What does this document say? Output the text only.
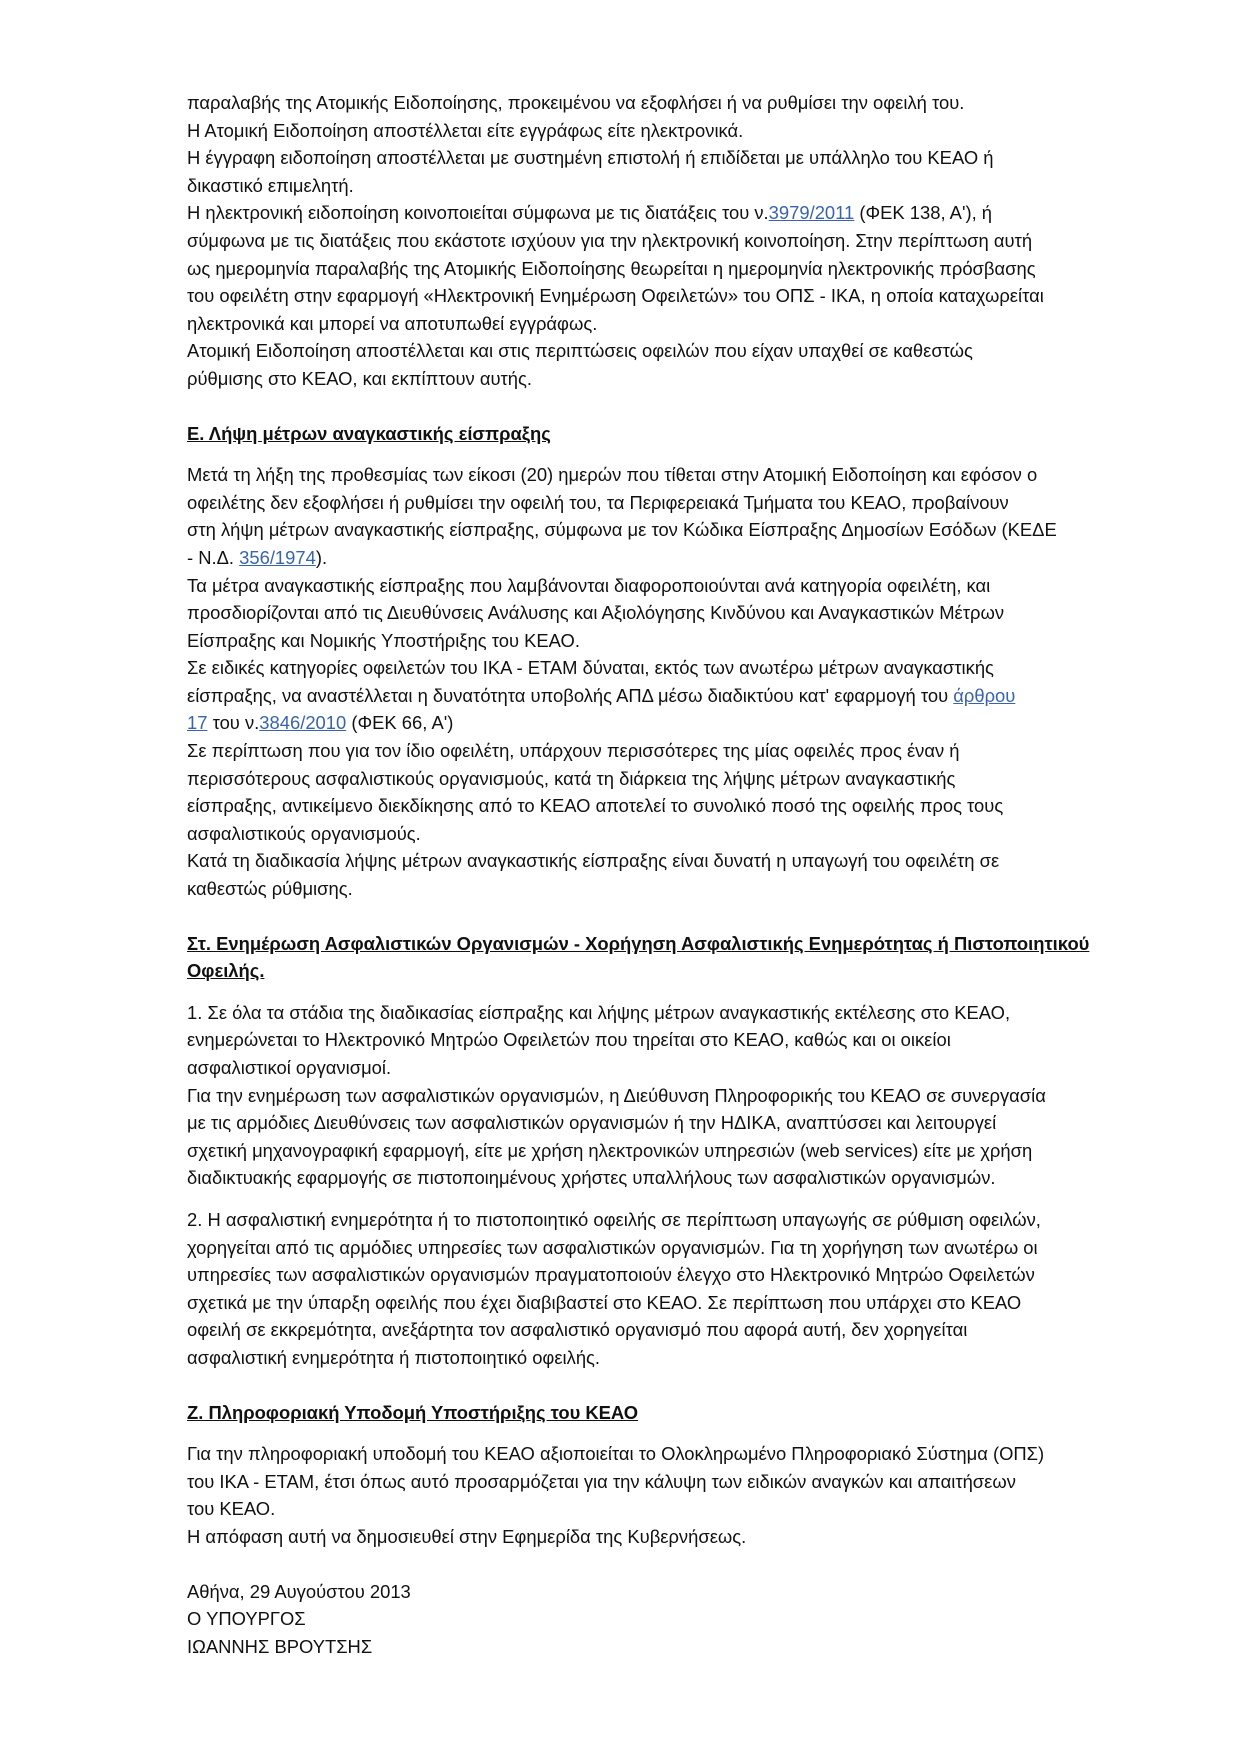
παραλαβής της Ατομικής Ειδοποίησης, προκειμένου να εξοφλήσει ή να ρυθμίσει την οφειλή του.
Η Ατομική Ειδοποίηση αποστέλλεται είτε εγγράφως είτε ηλεκτρονικά.
Η έγγραφη ειδοποίηση αποστέλλεται με συστημένη επιστολή ή επιδίδεται με υπάλληλο του ΚΕΑΟ ή
δικαστικό επιμελητή.
Η ηλεκτρονική ειδοποίηση κοινοποιείται σύμφωνα με τις διατάξεις του ν.3979/2011 (ΦΕΚ 138, Α'), ή
σύμφωνα με τις διατάξεις που εκάστοτε ισχύουν για την ηλεκτρονική κοινοποίηση. Στην περίπτωση αυτή
ως ημερομηνία παραλαβής της Ατομικής Ειδοποίησης θεωρείται η ημερομηνία ηλεκτρονικής πρόσβασης
του οφειλέτη στην εφαρμογή «Ηλεκτρονική Ενημέρωση Οφειλετών» του ΟΠΣ - ΙΚΑ, η οποία καταχωρείται
ηλεκτρονικά και μπορεί να αποτυπωθεί εγγράφως.
Ατομική Ειδοποίηση αποστέλλεται και στις περιπτώσεις οφειλών που είχαν υπαχθεί σε καθεστώς
ρύθμισης στο ΚΕΑΟ, και εκπίπτουν αυτής.
Ε. Λήψη μέτρων αναγκαστικής είσπραξης
Μετά τη λήξη της προθεσμίας των είκοσι (20) ημερών που τίθεται στην Ατομική Ειδοποίηση και εφόσον ο
οφειλέτης δεν εξοφλήσει ή ρυθμίσει την οφειλή του, τα Περιφερειακά Τμήματα του ΚΕΑΟ, προβαίνουν
στη λήψη μέτρων αναγκαστικής είσπραξης, σύμφωνα με τον Κώδικα Είσπραξης Δημοσίων Εσόδων (ΚΕΔΕ
- Ν.Δ. 356/1974).
Τα μέτρα αναγκαστικής είσπραξης που λαμβάνονται διαφοροποιούνται ανά κατηγορία οφειλέτη, και
προσδιορίζονται από τις Διευθύνσεις Ανάλυσης και Αξιολόγησης Κινδύνου και Αναγκαστικών Μέτρων
Είσπραξης και Νομικής Υποστήριξης του ΚΕΑΟ.
Σε ειδικές κατηγορίες οφειλετών του ΙΚΑ - ΕΤΑΜ δύναται, εκτός των ανωτέρω μέτρων αναγκαστικής
είσπραξης, να αναστέλλεται η δυνατότητα υποβολής ΑΠΔ μέσω διαδικτύου κατ' εφαρμογή του άρθρου
17 του ν.3846/2010 (ΦΕΚ 66, Α')
Σε περίπτωση που για τον ίδιο οφειλέτη, υπάρχουν περισσότερες της μίας οφειλές προς έναν ή
περισσότερους ασφαλιστικούς οργανισμούς, κατά τη διάρκεια της λήψης μέτρων αναγκαστικής
είσπραξης, αντικείμενο διεκδίκησης από το ΚΕΑΟ αποτελεί το συνολικό ποσό της οφειλής προς τους
ασφαλιστικούς οργανισμούς.
Κατά τη διαδικασία λήψης μέτρων αναγκαστικής είσπραξης είναι δυνατή η υπαγωγή του οφειλέτη σε
καθεστώς ρύθμισης.
Στ. Ενημέρωση Ασφαλιστικών Οργανισμών - Χορήγηση Ασφαλιστικής Ενημερότητας ή Πιστοποιητικού
Οφειλής.
1. Σε όλα τα στάδια της διαδικασίας είσπραξης και λήψης μέτρων αναγκαστικής εκτέλεσης στο ΚΕΑΟ,
ενημερώνεται το Ηλεκτρονικό Μητρώο Οφειλετών που τηρείται στο ΚΕΑΟ, καθώς και οι οικείοι
ασφαλιστικοί οργανισμοί.
Για την ενημέρωση των ασφαλιστικών οργανισμών, η Διεύθυνση Πληροφορικής του ΚΕΑΟ σε συνεργασία
με τις αρμόδιες Διευθύνσεις των ασφαλιστικών οργανισμών ή την ΗΔΙΚΑ, αναπτύσσει και λειτουργεί
σχετική μηχανογραφική εφαρμογή, είτε με χρήση ηλεκτρονικών υπηρεσιών (web services) είτε με χρήση
διαδικτυακής εφαρμογής σε πιστοποιημένους χρήστες υπαλλήλους των ασφαλιστικών οργανισμών.
2. Η ασφαλιστική ενημερότητα ή το πιστοποιητικό οφειλής σε περίπτωση υπαγωγής σε ρύθμιση οφειλών,
χορηγείται από τις αρμόδιες υπηρεσίες των ασφαλιστικών οργανισμών. Για τη χορήγηση των ανωτέρω οι
υπηρεσίες των ασφαλιστικών οργανισμών πραγματοποιούν έλεγχο στο Ηλεκτρονικό Μητρώο Οφειλετών
σχετικά με την ύπαρξη οφειλής που έχει διαβιβαστεί στο ΚΕΑΟ. Σε περίπτωση που υπάρχει στο ΚΕΑΟ
οφειλή σε εκκρεμότητα, ανεξάρτητα τον ασφαλιστικό οργανισμό που αφορά αυτή, δεν χορηγείται
ασφαλιστική ενημερότητα ή πιστοποιητικό οφειλής.
Ζ. Πληροφοριακή Υποδομή Υποστήριξης του ΚΕΑΟ
Για την πληροφοριακή υποδομή του ΚΕΑΟ αξιοποιείται το Ολοκληρωμένο Πληροφοριακό Σύστημα (ΟΠΣ)
του ΙΚΑ - ΕΤΑΜ, έτσι όπως αυτό προσαρμόζεται για την κάλυψη των ειδικών αναγκών και απαιτήσεων
του ΚΕΑΟ.
Η απόφαση αυτή να δημοσιευθεί στην Εφημερίδα της Κυβερνήσεως.
Αθήνα, 29 Αυγούστου 2013
Ο ΥΠΟΥΡΓΟΣ
ΙΩΑΝΝΗΣ ΒΡΟΥΤΣΗΣ
